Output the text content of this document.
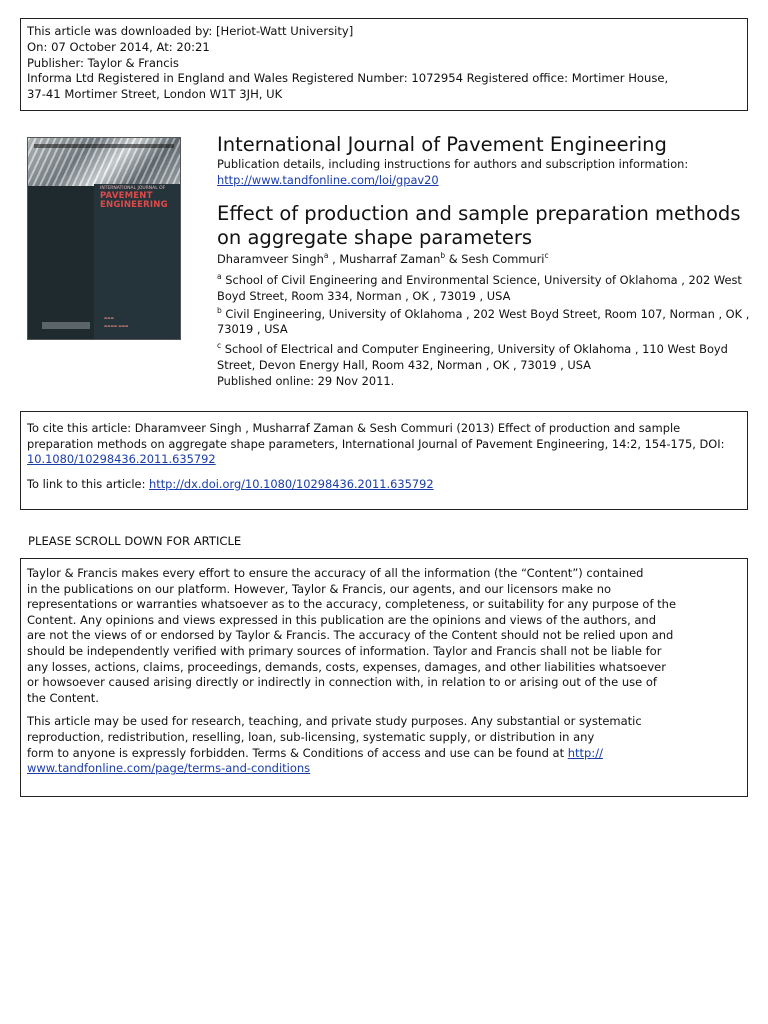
This article was downloaded by: [Heriot-Watt University]
On: 07 October 2014, At: 20:21
Publisher: Taylor & Francis
Informa Ltd Registered in England and Wales Registered Number: 1072954 Registered office: Mortimer House,
37-41 Mortimer Street, London W1T 3JH, UK
INTERNATIONAL JOURNAL OF
PAVEMENT
ENGINEERING
▬▬▬
▬▬▬▬ ▬▬▬
International Journal of Pavement Engineering
Publication details, including instructions for authors and subscription information:
http://www.tandfonline.com/loi/gpav20
Effect of production and sample preparation methods
on aggregate shape parameters
Dharamveer Singh$^a$ , Musharraf Zaman$^b$ & Sesh Commuri$^c$
$^a$ School of Civil Engineering and Environmental Science, University of Oklahoma , 202 West
Boyd Street, Room 334, Norman , OK , 73019 , USA
$^b$ Civil Engineering, University of Oklahoma , 202 West Boyd Street, Room 107, Norman , OK ,
73019 , USA
$^c$ School of Electrical and Computer Engineering, University of Oklahoma , 110 West Boyd
Street, Devon Energy Hall, Room 432, Norman , OK , 73019 , USA
Published online: 29 Nov 2011.
To cite this article: Dharamveer Singh , Musharraf Zaman & Sesh Commuri (2013) Effect of production and sample
preparation methods on aggregate shape parameters, International Journal of Pavement Engineering, 14:2, 154-175, DOI:
10.1080/10298436.2011.635792
To link to this article: http://dx.doi.org/10.1080/10298436.2011.635792
PLEASE SCROLL DOWN FOR ARTICLE
Taylor & Francis makes every effort to ensure the accuracy of all the information (the “Content”) contained
in the publications on our platform. However, Taylor & Francis, our agents, and our licensors make no
representations or warranties whatsoever as to the accuracy, completeness, or suitability for any purpose of the
Content. Any opinions and views expressed in this publication are the opinions and views of the authors, and
are not the views of or endorsed by Taylor & Francis. The accuracy of the Content should not be relied upon and
should be independently verified with primary sources of information. Taylor and Francis shall not be liable for
any losses, actions, claims, proceedings, demands, costs, expenses, damages, and other liabilities whatsoever
or howsoever caused arising directly or indirectly in connection with, in relation to or arising out of the use of
the Content.
This article may be used for research, teaching, and private study purposes. Any substantial or systematic
reproduction, redistribution, reselling, loan, sub-licensing, systematic supply, or distribution in any
form to anyone is expressly forbidden. Terms & Conditions of access and use can be found at http://
www.tandfonline.com/page/terms-and-conditions
